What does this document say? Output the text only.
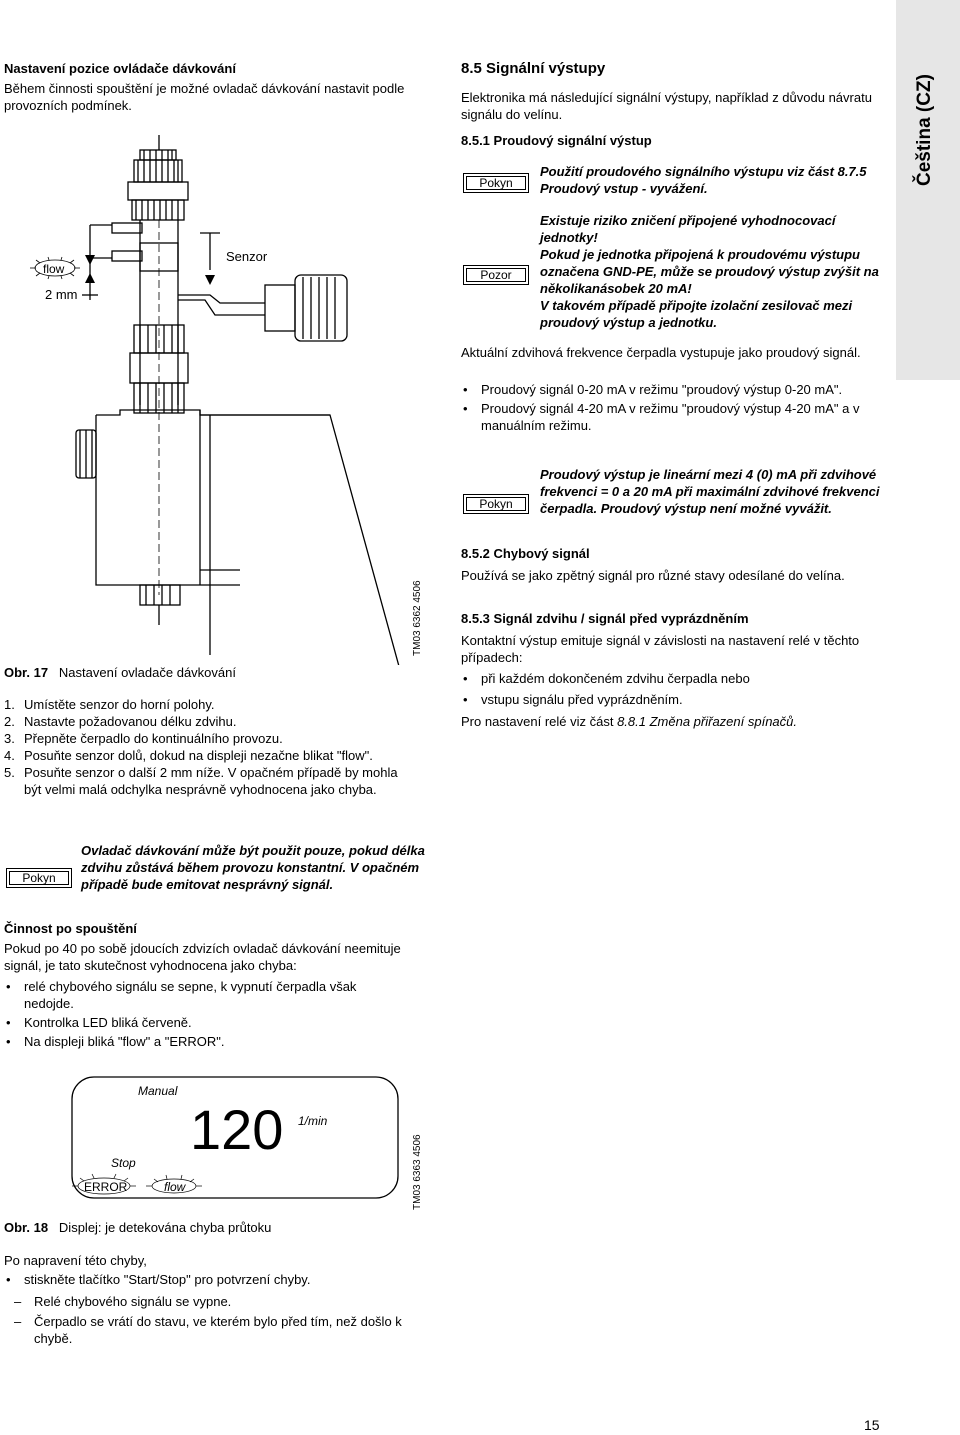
Čeština (CZ)
Nastavení pozice ovládače dávkování
Během činnosti spouštění je možné ovladač dávkování nastavit podle provozních podmínek.
flow
2 mm
Senzor
TM03 6362 4506
Obr. 17 Nastavení ovladače dávkování
1. Umístěte senzor do horní polohy.
2. Nastavte požadovanou délku zdvihu.
3. Přepněte čerpadlo do kontinuálního provozu.
4. Posuňte senzor dolů, dokud na displeji nezačne blikat "flow".
5. Posuňte senzor o další 2 mm níže. V opačném případě by mohla být velmi malá odchylka nesprávně vyhodnocena jako chyba.
Pokyn
Ovladač dávkování může být použit pouze, pokud délka zdvihu zůstává během provozu konstantní. V opačném případě bude emitovat nesprávný signál.
Činnost po spouštění
Pokud po 40 po sobě jdoucích zdvizích ovladač dávkování neemituje signál, je tato skutečnost vyhodnocena jako chyba:
• relé chybového signálu se sepne, k vypnutí čerpadla však nedojde.
• Kontrolka LED bliká červeně.
• Na displeji bliká "flow" a "ERROR".
Manual
120 1/min
Stop
ERROR	flow	TM03 6363 4506
Obr. 18 Displej: je detekována chyba průtoku
Po napravení této chyby,
• stiskněte tlačítko "Start/Stop" pro potvrzení chyby.
– Relé chybového signálu se vypne.
– Čerpadlo se vrátí do stavu, ve kterém bylo před tím, než došlo k chybě.
8.5 Signální výstupy
Elektronika má následující signální výstupy, například z důvodu návratu signálu do velínu.
8.5.1 Proudový signální výstup
Pokyn
Použití proudového signálního výstupu viz část 8.7.5 Proudový vstup - vyvážení.
Pozor
Existuje riziko zničení připojené vyhodnocovací jednotky!
Pokud je jednotka připojená k proudovému výstupu označena GND-PE, může se proudový výstup zvýšit na několikanásobek 20 mA!
V takovém případě připojte izolační zesilovač mezi proudový výstup a jednotku.
Aktuální zdvihová frekvence čerpadla vystupuje jako proudový signál.
• Proudový signál 0-20 mA v režimu "proudový výstup 0-20 mA".
• Proudový signál 4-20 mA v režimu "proudový výstup 4-20 mA" a v manuálním režimu.
Pokyn
Proudový výstup je lineární mezi 4 (0) mA při zdvihové frekvenci = 0 a 20 mA při maximální zdvihové frekvenci čerpadla. Proudový výstup není možné vyvážit.
8.5.2 Chybový signál
Používá se jako zpětný signál pro různé stavy odesílané do velína.
8.5.3 Signál zdvihu / signál před vyprázdněním
Kontaktní výstup emituje signál v závislosti na nastavení relé v těchto případech:
• při každém dokončeném zdvihu čerpadla nebo
• vstupu signálu před vyprázdněním.
Pro nastavení relé viz část 8.8.1 Změna přiřazení spínačů.
15
